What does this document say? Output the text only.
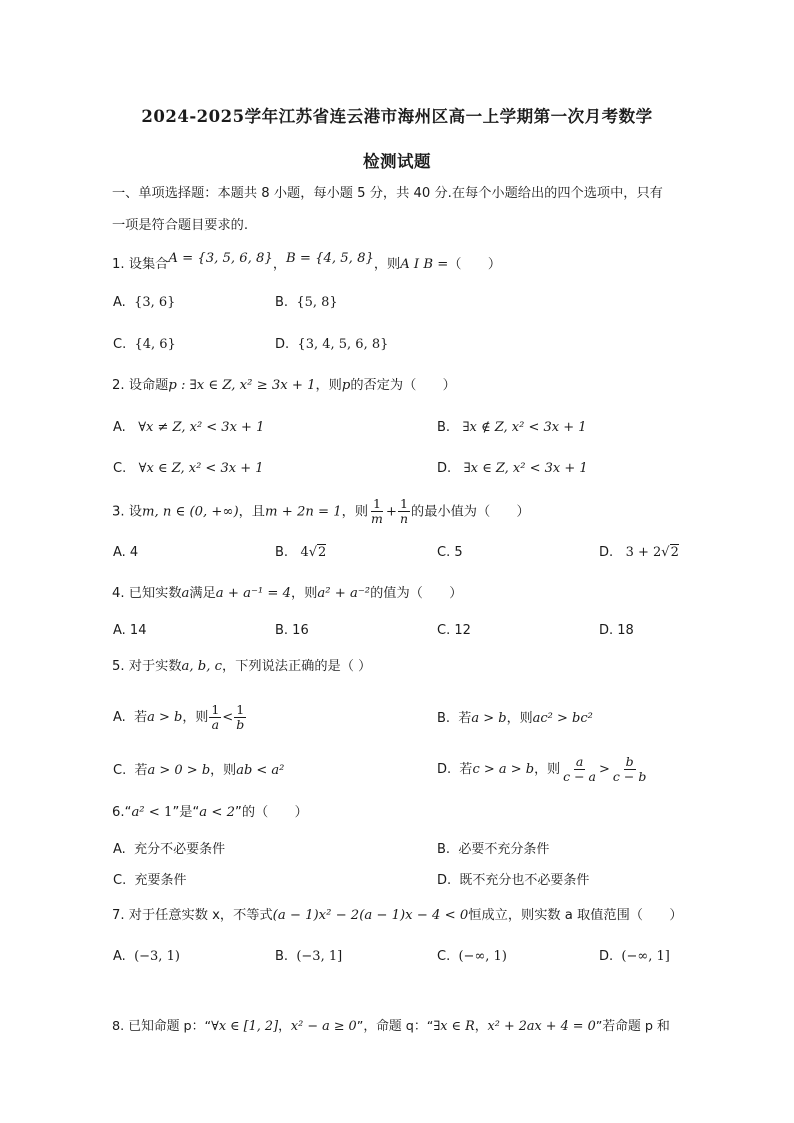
2024-2025学年江苏省连云港市海州区高一上学期第一次月考数学
检测试题
一、单项选择题：本题共 8 小题，每小题 5 分，共 40 分.在每个小题给出的四个选项中，只有
一项是符合题目要求的.
1. 设集合A = {3, 5, 6, 8}，B = {4, 5, 8}，则A I B =（　　）
A. {3, 6}	B. {5, 8}
C. {4, 6}	D. {3, 4, 5, 6, 8}
2. 设命题p : ∃x ∈ Z, x² ≥ 3x + 1，则p的否定为（　　）
A. ∀x ≠ Z, x² < 3x + 1	B. ∃x ∉ Z, x² < 3x + 1
C. ∀x ∈ Z, x² < 3x + 1	D. ∃x ∈ Z, x² < 3x + 1
3. 设m, n ∈ (0, +∞)，且m + 2n = 1，则 $\frac{1}{m} + \frac{1}{n}$ 的最小值为（　　）
A. 4	B. 4√2	C. 5	D. 3 + 2√2
4. 已知实数a满足a + a⁻¹ = 4，则a² + a⁻²的值为（　　）
A. 14	B. 16	C. 12	D. 18
5. 对于实数a, b, c，下列说法正确的是（ ）
A. 若a > b，则 $\frac{1}{a} < \frac{1}{b}$	B. 若a > b，则ac² > bc²
C. 若a > 0 > b，则ab < a²	D. 若c > a > b，则 $\frac{a}{c - a} > \frac{b}{c - b}$
6.“a² < 1”是“a < 2”的（　　）
A. 充分不必要条件	B. 必要不充分条件
C. 充要条件	D. 既不充分也不必要条件
7. 对于任意实数 x，不等式(a − 1)x² − 2(a − 1)x − 4 < 0恒成立，则实数 a 取值范围（　　）
A. (−3, 1)	B. (−3, 1]	C. (−∞, 1)	D. (−∞, 1]
8. 已知命题 p：“∀x ∈ [1, 2]，x² − a ≥ 0”，命题 q：“∃x ∈ R，x² + 2ax + 4 = 0”若命题 p 和
